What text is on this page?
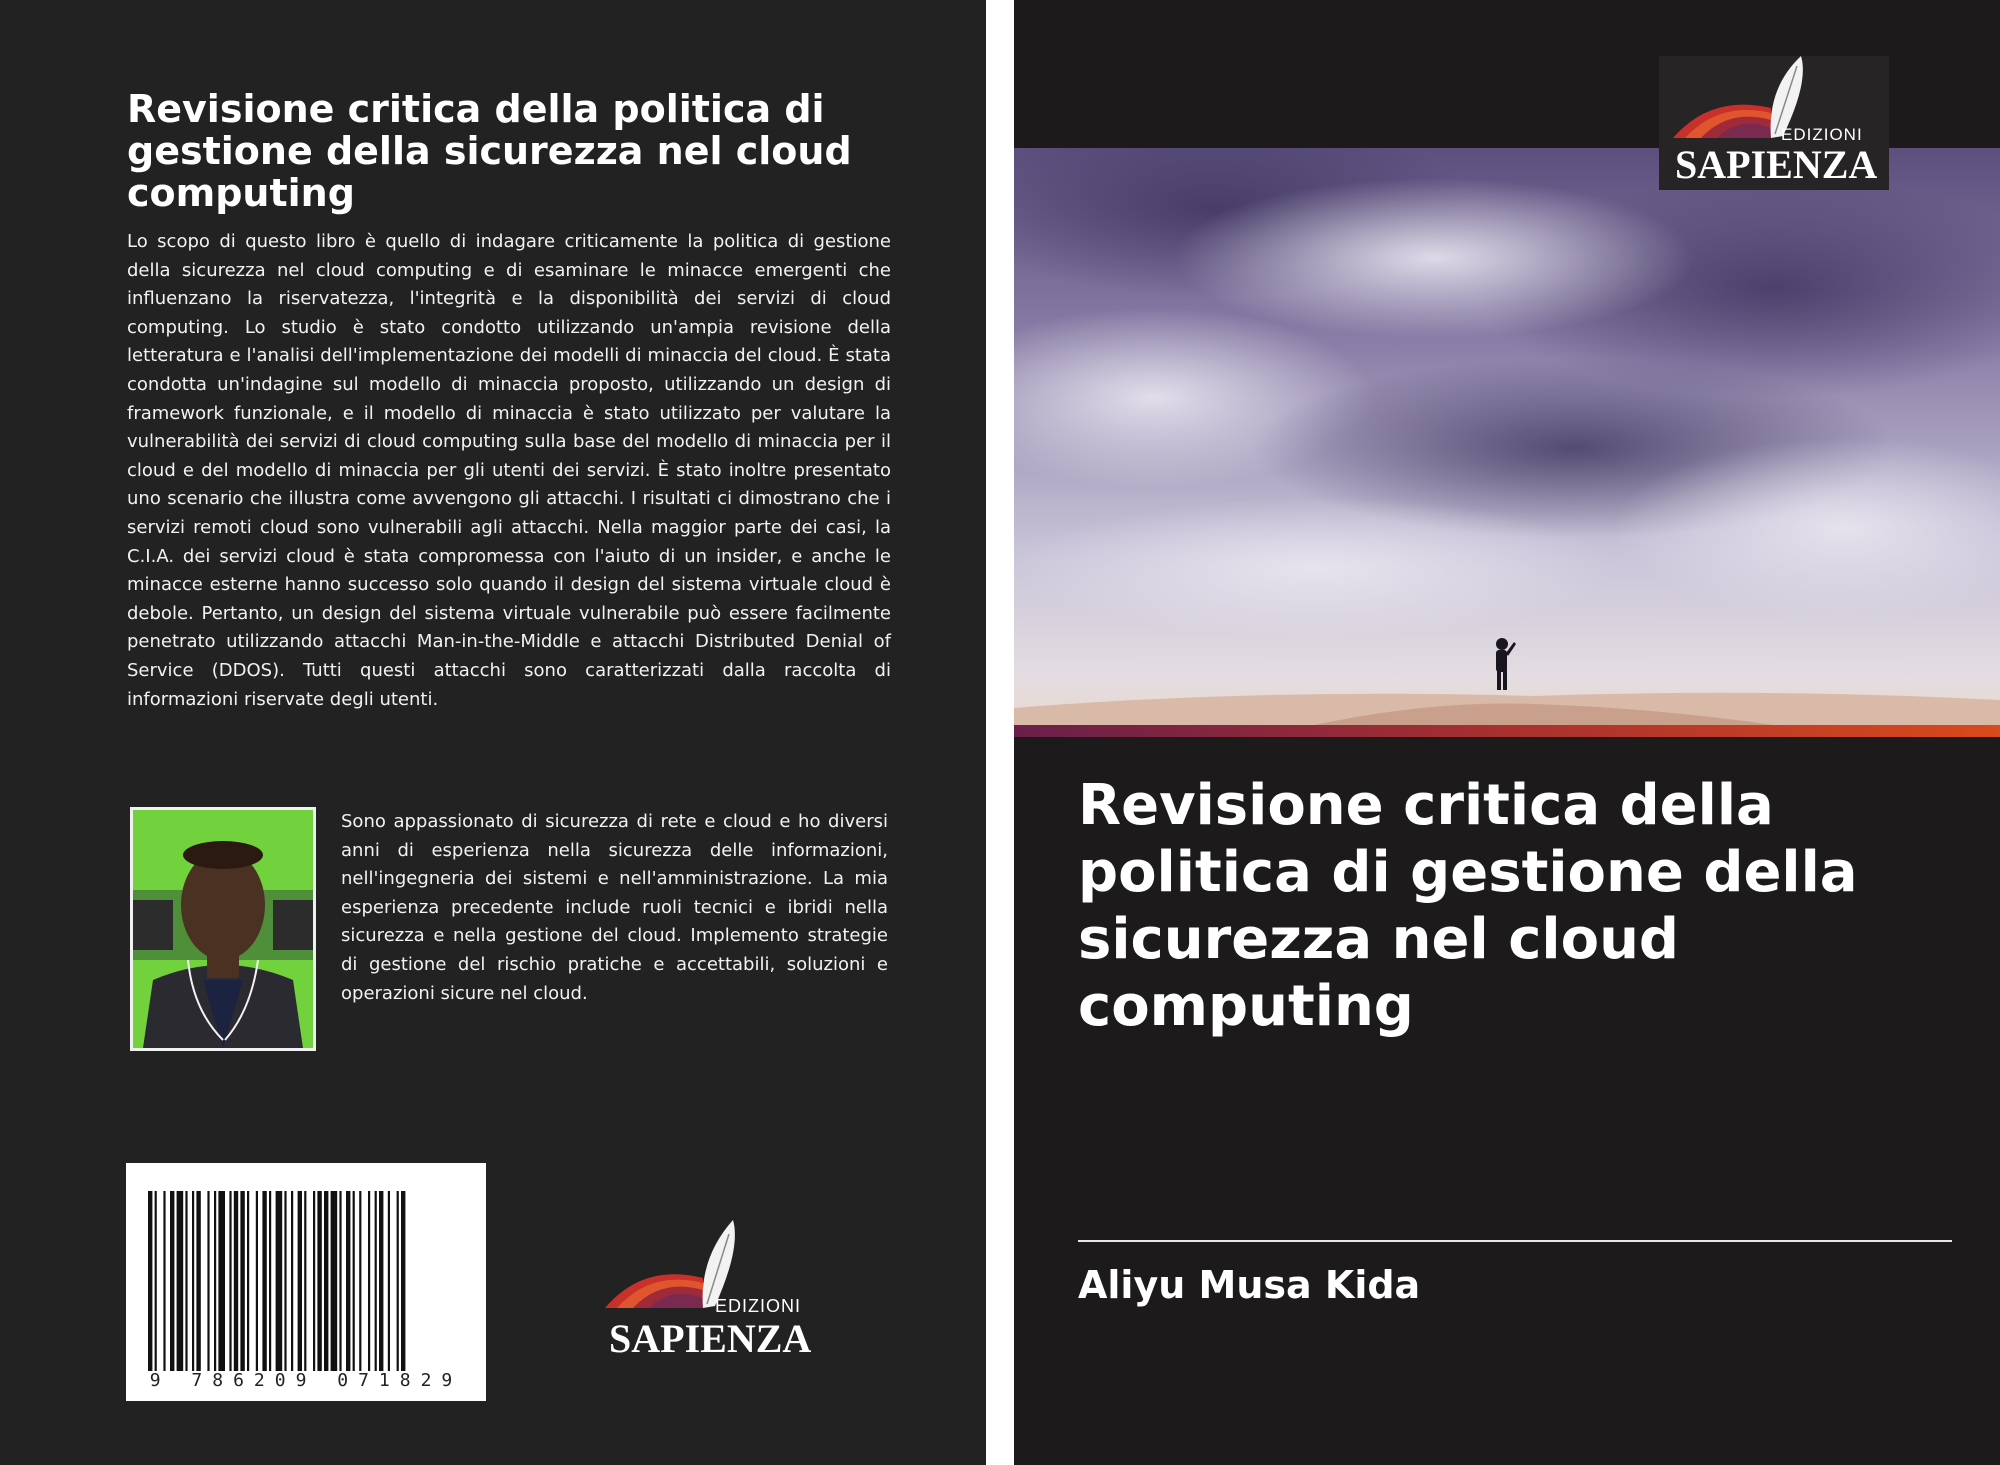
Revisione critica della politica di gestione della sicurezza nel cloud computing

Lo scopo di questo libro è quello di indagare criticamente la politica di gestione della sicurezza nel cloud computing e di esaminare le minacce emergenti che influenzano la riservatezza, l'integrità e la disponibilità dei servizi di cloud computing. Lo studio è stato condotto utilizzando un'ampia revisione della letteratura e l'analisi dell'implementazione dei modelli di minaccia del cloud. È stata condotta un'indagine sul modello di minaccia proposto, utilizzando un design di framework funzionale, e il modello di minaccia è stato utilizzato per valutare la vulnerabilità dei servizi di cloud computing sulla base del modello di minaccia per il cloud e del modello di minaccia per gli utenti dei servizi. È stato inoltre presentato uno scenario che illustra come avvengono gli attacchi. I risultati ci dimostrano che i servizi remoti cloud sono vulnerabili agli attacchi. Nella maggior parte dei casi, la C.I.A. dei servizi cloud è stata compromessa con l'aiuto di un insider, e anche le minacce esterne hanno successo solo quando il design del sistema virtuale cloud è debole. Pertanto, un design del sistema virtuale vulnerabile può essere facilmente penetrato utilizzando attacchi Man-in-the-Middle e attacchi Distributed Denial of Service (DDOS). Tutti questi attacchi sono caratterizzati dalla raccolta di informazioni riservate degli utenti.

Sono appassionato di sicurezza di rete e cloud e ho diversi anni di esperienza nella sicurezza delle informazioni, nell'ingegneria dei sistemi e nell'amministrazione. La mia esperienza precedente include ruoli tecnici e ibridi nella sicurezza e nella gestione del cloud. Implemento strategie di gestione del rischio pratiche e accettabili, soluzioni e operazioni sicure nel cloud.

9 786209 071829
EDIZIONI
SAPIENZA
Revisione critica della politica di gestione della sicurezza nel cloud computing

Aliyu Musa Kida

EDIZIONI
SAPIENZA
